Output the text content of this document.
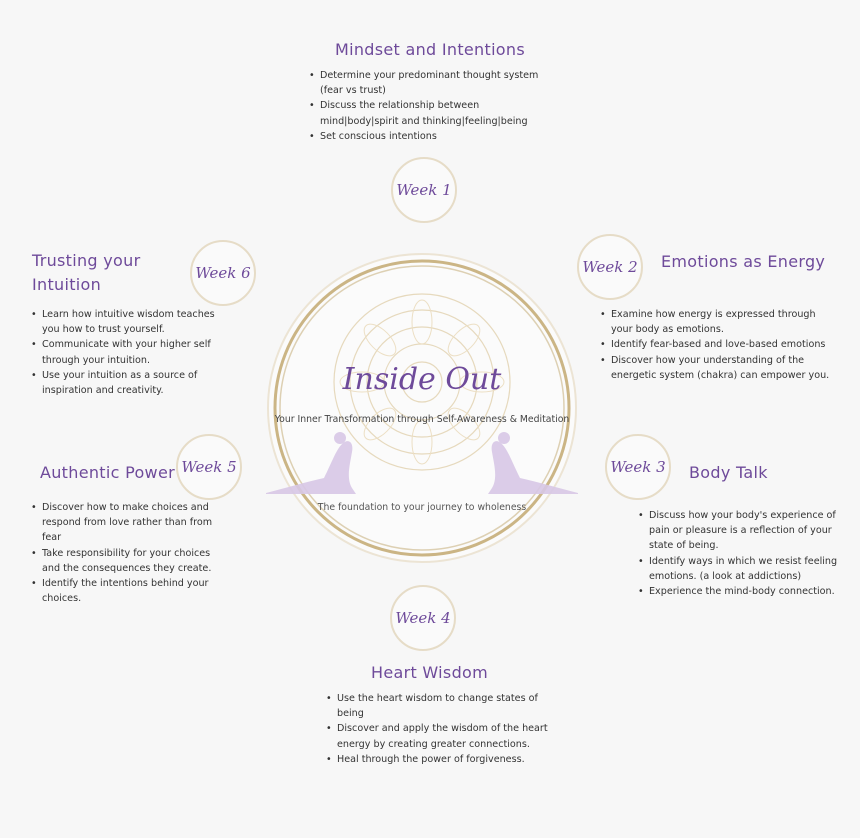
Inside Out
Your Inner Transformation through Self-Awareness & Meditation
The foundation to your journey to wholeness
Week 1
Week 2
Week 3
Week 4
Week 5
Week 6
Mindset and Intentions
• Determine your predominant thought system (fear vs trust)
• Discuss the relationship between mind|body|spirit and thinking|feeling|being
• Set conscious intentions
Emotions as Energy
• Examine how energy is expressed through your body as emotions.
• Identify fear-based and love-based emotions
• Discover how your understanding of the energetic system (chakra) can empower you.
Body Talk
• Discuss how your body's experience of pain or pleasure is a reflection of your state of being.
• Identify ways in which we resist feeling emotions. (a look at addictions)
• Experience the mind-body connection.
Heart Wisdom
• Use the heart wisdom to change states of being
• Discover and apply the wisdom of the heart energy by creating greater connections.
• Heal through the power of forgiveness.
Authentic Power
• Discover how to make choices and respond from love rather than from fear
• Take responsibility for your choices and the consequences they create.
• Identify the intentions behind your choices.
Trusting your
Intuition
• Learn how intuitive wisdom teaches you how to trust yourself.
• Communicate with your higher self through your intuition.
• Use your intuition as a source of inspiration and creativity.
